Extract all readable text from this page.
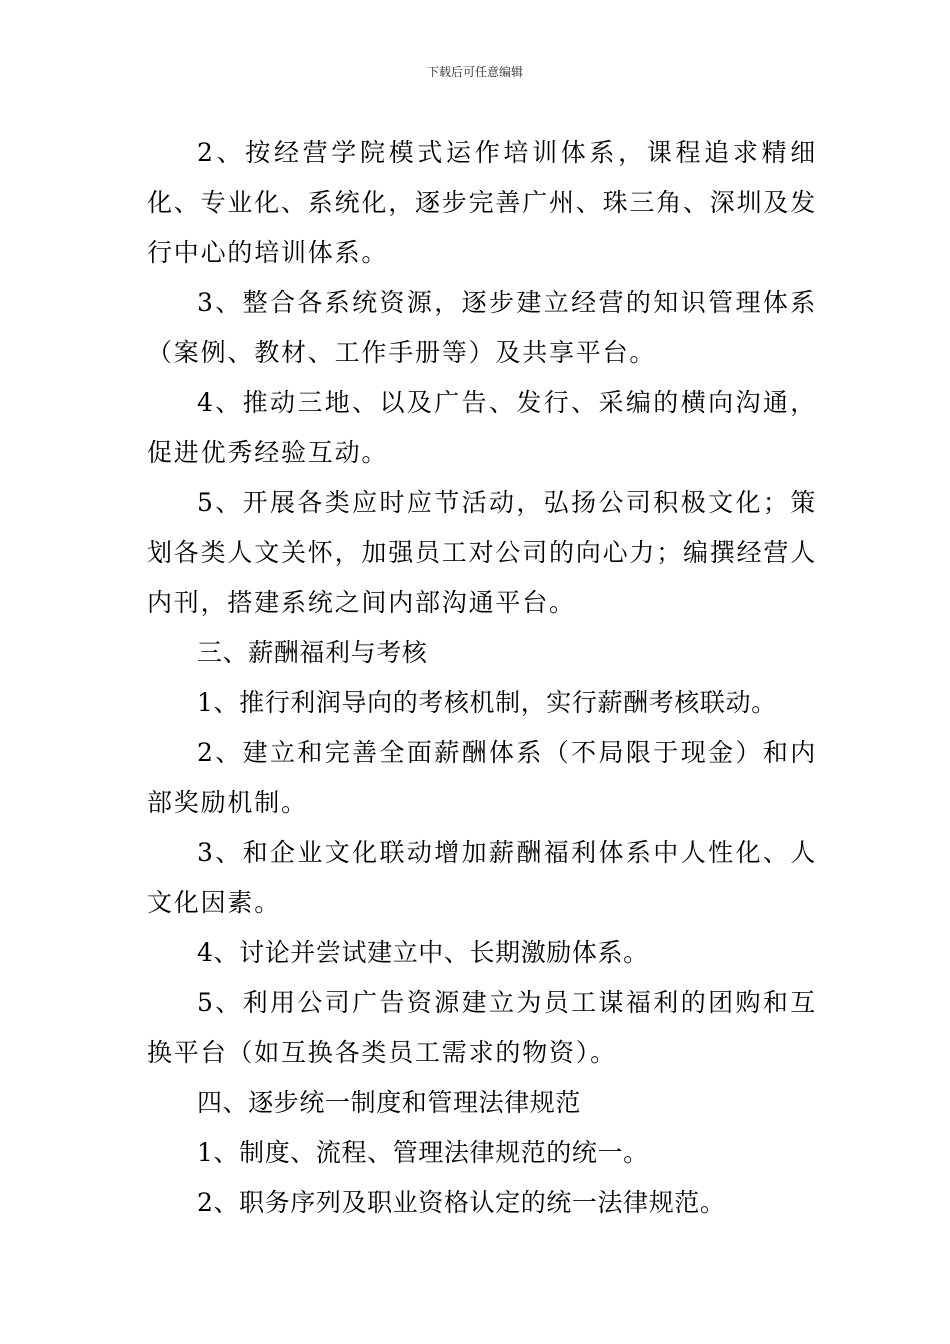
下载后可任意编辑

2、按经营学院模式运作培训体系，课程追求精细化、专业化、系统化，逐步完善广州、珠三角、深圳及发行中心的培训体系。

3、整合各系统资源，逐步建立经营的知识管理体系（案例、教材、工作手册等）及共享平台。

4、推动三地、以及广告、发行、采编的横向沟通，促进优秀经验互动。

5、开展各类应时应节活动，弘扬公司积极文化；策划各类人文关怀，加强员工对公司的向心力；编撰经营人内刊，搭建系统之间内部沟通平台。

三、薪酬福利与考核

1、推行利润导向的考核机制，实行薪酬考核联动。

2、建立和完善全面薪酬体系（不局限于现金）和内部奖励机制。

3、和企业文化联动增加薪酬福利体系中人性化、人文化因素。

4、讨论并尝试建立中、长期激励体系。

5、利用公司广告资源建立为员工谋福利的团购和互换平台（如互换各类员工需求的物资）。

四、逐步统一制度和管理法律规范

1、制度、流程、管理法律规范的统一。

2、职务序列及职业资格认定的统一法律规范。
